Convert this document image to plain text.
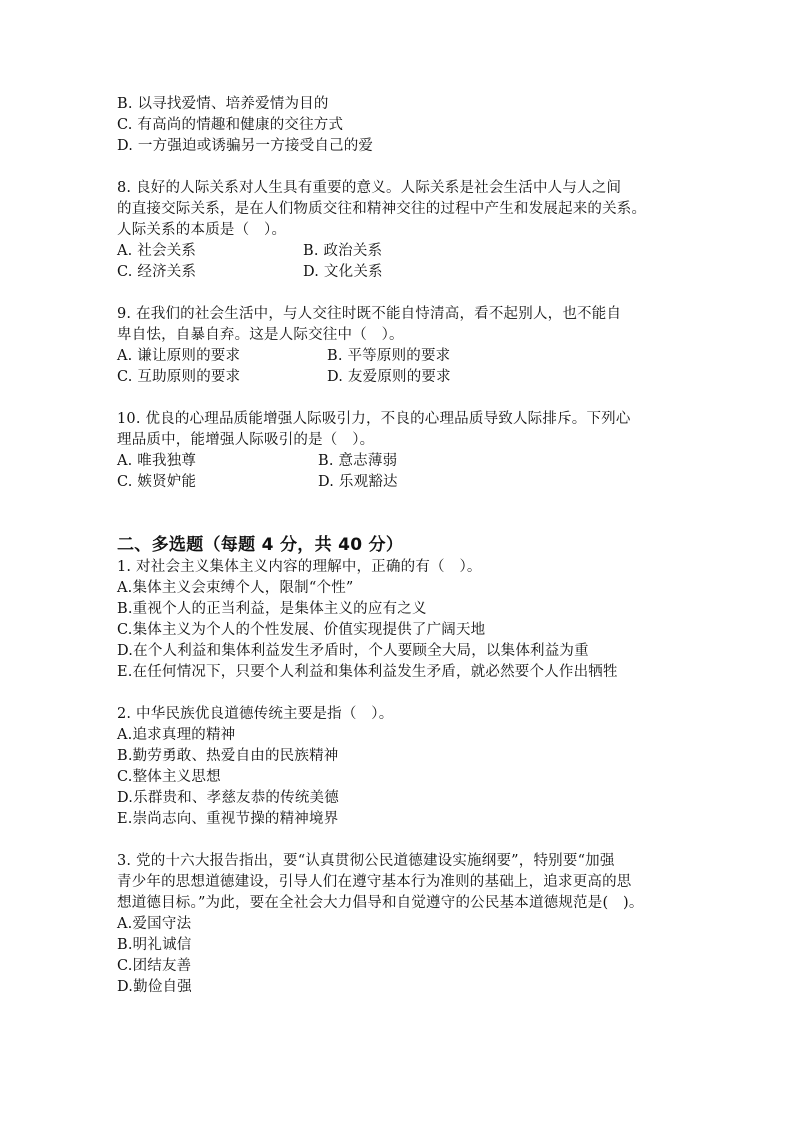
B. 以寻找爱情、培养爱情为目的
C. 有高尚的情趣和健康的交往方式
D. 一方强迫或诱骗另一方接受自己的爱
8. 良好的人际关系对人生具有重要的意义。人际关系是社会生活中人与人之间
的直接交际关系，是在人们物质交往和精神交往的过程中产生和发展起来的关系。
人际关系的本质是（　）。
A. 社会关系	B. 政治关系
C. 经济关系	D. 文化关系
9. 在我们的社会生活中，与人交往时既不能自恃清高，看不起别人，也不能自
卑自怯，自暴自弃。这是人际交往中（　）。
A. 谦让原则的要求	B. 平等原则的要求
C. 互助原则的要求	D. 友爱原则的要求
10. 优良的心理品质能增强人际吸引力，不良的心理品质导致人际排斥。下列心
理品质中，能增强人际吸引的是（　）。
A. 唯我独尊	B. 意志薄弱
C. 嫉贤妒能	D. 乐观豁达
二、多选题（每题 4 分，共 40 分）
1. 对社会主义集体主义内容的理解中，正确的有（　）。
A.集体主义会束缚个人，限制“个性”
B.重视个人的正当利益，是集体主义的应有之义
C.集体主义为个人的个性发展、价值实现提供了广阔天地
D.在个人利益和集体利益发生矛盾时，个人要顾全大局，以集体利益为重
E.在任何情况下，只要个人利益和集体利益发生矛盾，就必然要个人作出牺牲
2. 中华民族优良道德传统主要是指（　）。
A.追求真理的精神
B.勤劳勇敢、热爱自由的民族精神
C.整体主义思想
D.乐群贵和、孝慈友恭的传统美德
E.崇尚志向、重视节操的精神境界
3. 党的十六大报告指出，要“认真贯彻公民道德建设实施纲要”，特别要“加强
青少年的思想道德建设，引导人们在遵守基本行为准则的基础上，追求更高的思
想道德目标。”为此，要在全社会大力倡导和自觉遵守的公民基本道德规范是(　)。
A.爱国守法
B.明礼诚信
C.团结友善
D.勤俭自强
